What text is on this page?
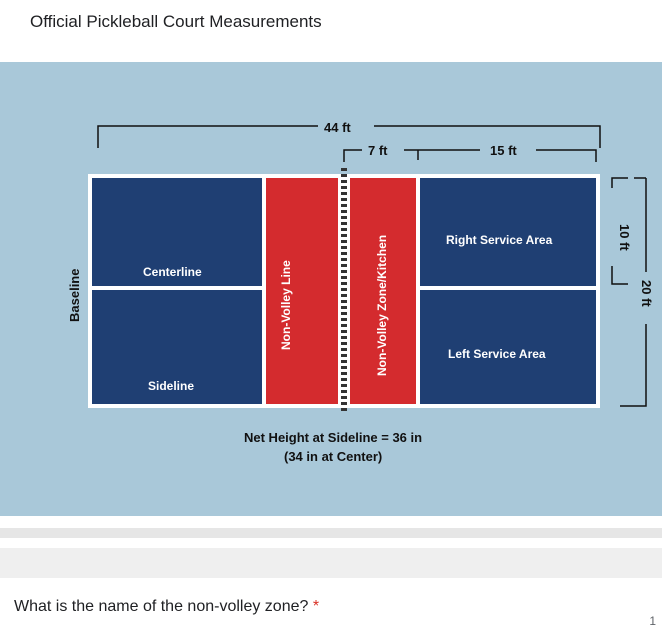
Official Pickleball Court Measurements
Centerline
Sideline
Right Service Area
Left Service Area
Non-Volley Line	Non-Volley Zone/Kitchen
Baseline
44 ft
7 ft	15 ft
10 ft
20 ft
Net Height at Sideline = 36 in
(34 in at Center)
What is the name of the non-volley zone? *
1
